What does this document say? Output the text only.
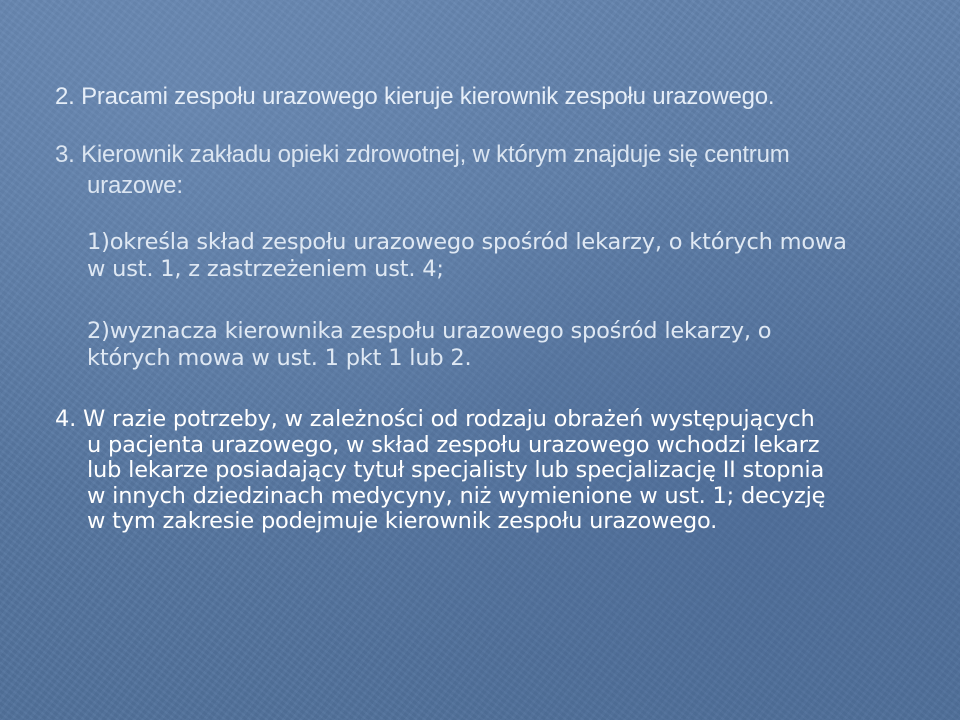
2. Pracami zespołu urazowego kieruje kierownik zespołu urazowego.

3. Kierownik zakładu opieki zdrowotnej, w którym znajduje się centrum
urazowe:

1)określa skład zespołu urazowego spośród lekarzy, o których mowa
w ust. 1, z zastrzeżeniem ust. 4;

2)wyznacza kierownika zespołu urazowego spośród lekarzy, o
których mowa w ust. 1 pkt 1 lub 2.

4. W razie potrzeby, w zależności od rodzaju obrażeń występujących
u pacjenta urazowego, w skład zespołu urazowego wchodzi lekarz
lub lekarze posiadający tytuł specjalisty lub specjalizację II stopnia
w innych dziedzinach medycyny, niż wymienione w ust. 1; decyzję
w tym zakresie podejmuje kierownik zespołu urazowego.
